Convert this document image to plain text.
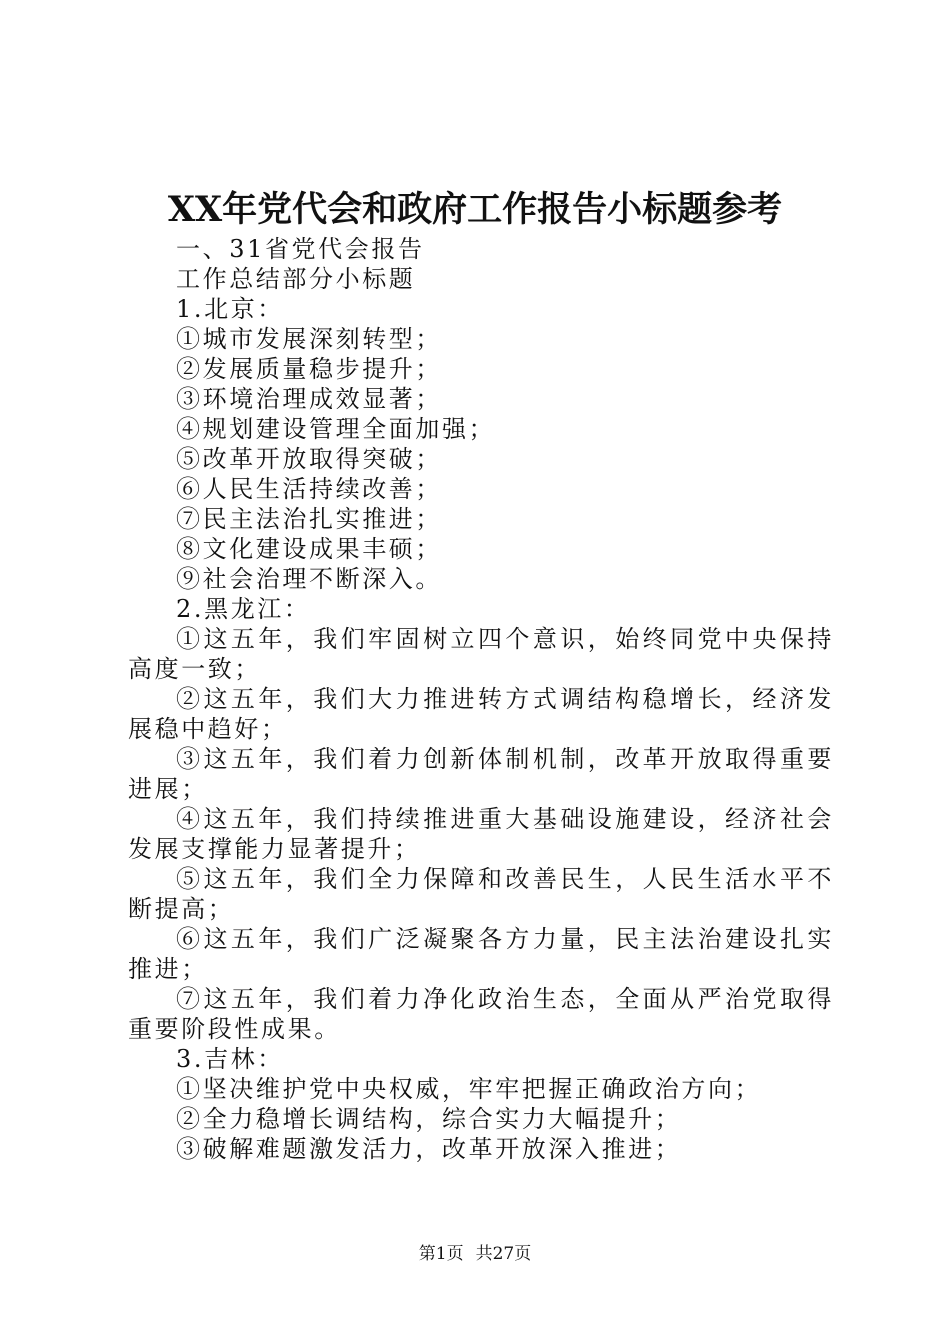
XX年党代会和政府工作报告小标题参考
一、31省党代会报告
工作总结部分小标题
1.北京：
①城市发展深刻转型；
②发展质量稳步提升；
③环境治理成效显著；
④规划建设管理全面加强；
⑤改革开放取得突破；
⑥人民生活持续改善；
⑦民主法治扎实推进；
⑧文化建设成果丰硕；
⑨社会治理不断深入。
2.黑龙江：

①这五年，我们牢固树立四个意识，始终同党中央保持高度一致；

②这五年，我们大力推进转方式调结构稳增长，经济发展稳中趋好；

③这五年，我们着力创新体制机制，改革开放取得重要进展；

④这五年，我们持续推进重大基础设施建设，经济社会发展支撑能力显著提升；

⑤这五年，我们全力保障和改善民生，人民生活水平不断提高；

⑥这五年，我们广泛凝聚各方力量，民主法治建设扎实推进；

⑦这五年，我们着力净化政治生态，全面从严治党取得重要阶段性成果。

3.吉林：
①坚决维护党中央权威，牢牢把握正确政治方向；
②全力稳增长调结构，综合实力大幅提升；
③破解难题激发活力，改革开放深入推进；
第1页 共27页
